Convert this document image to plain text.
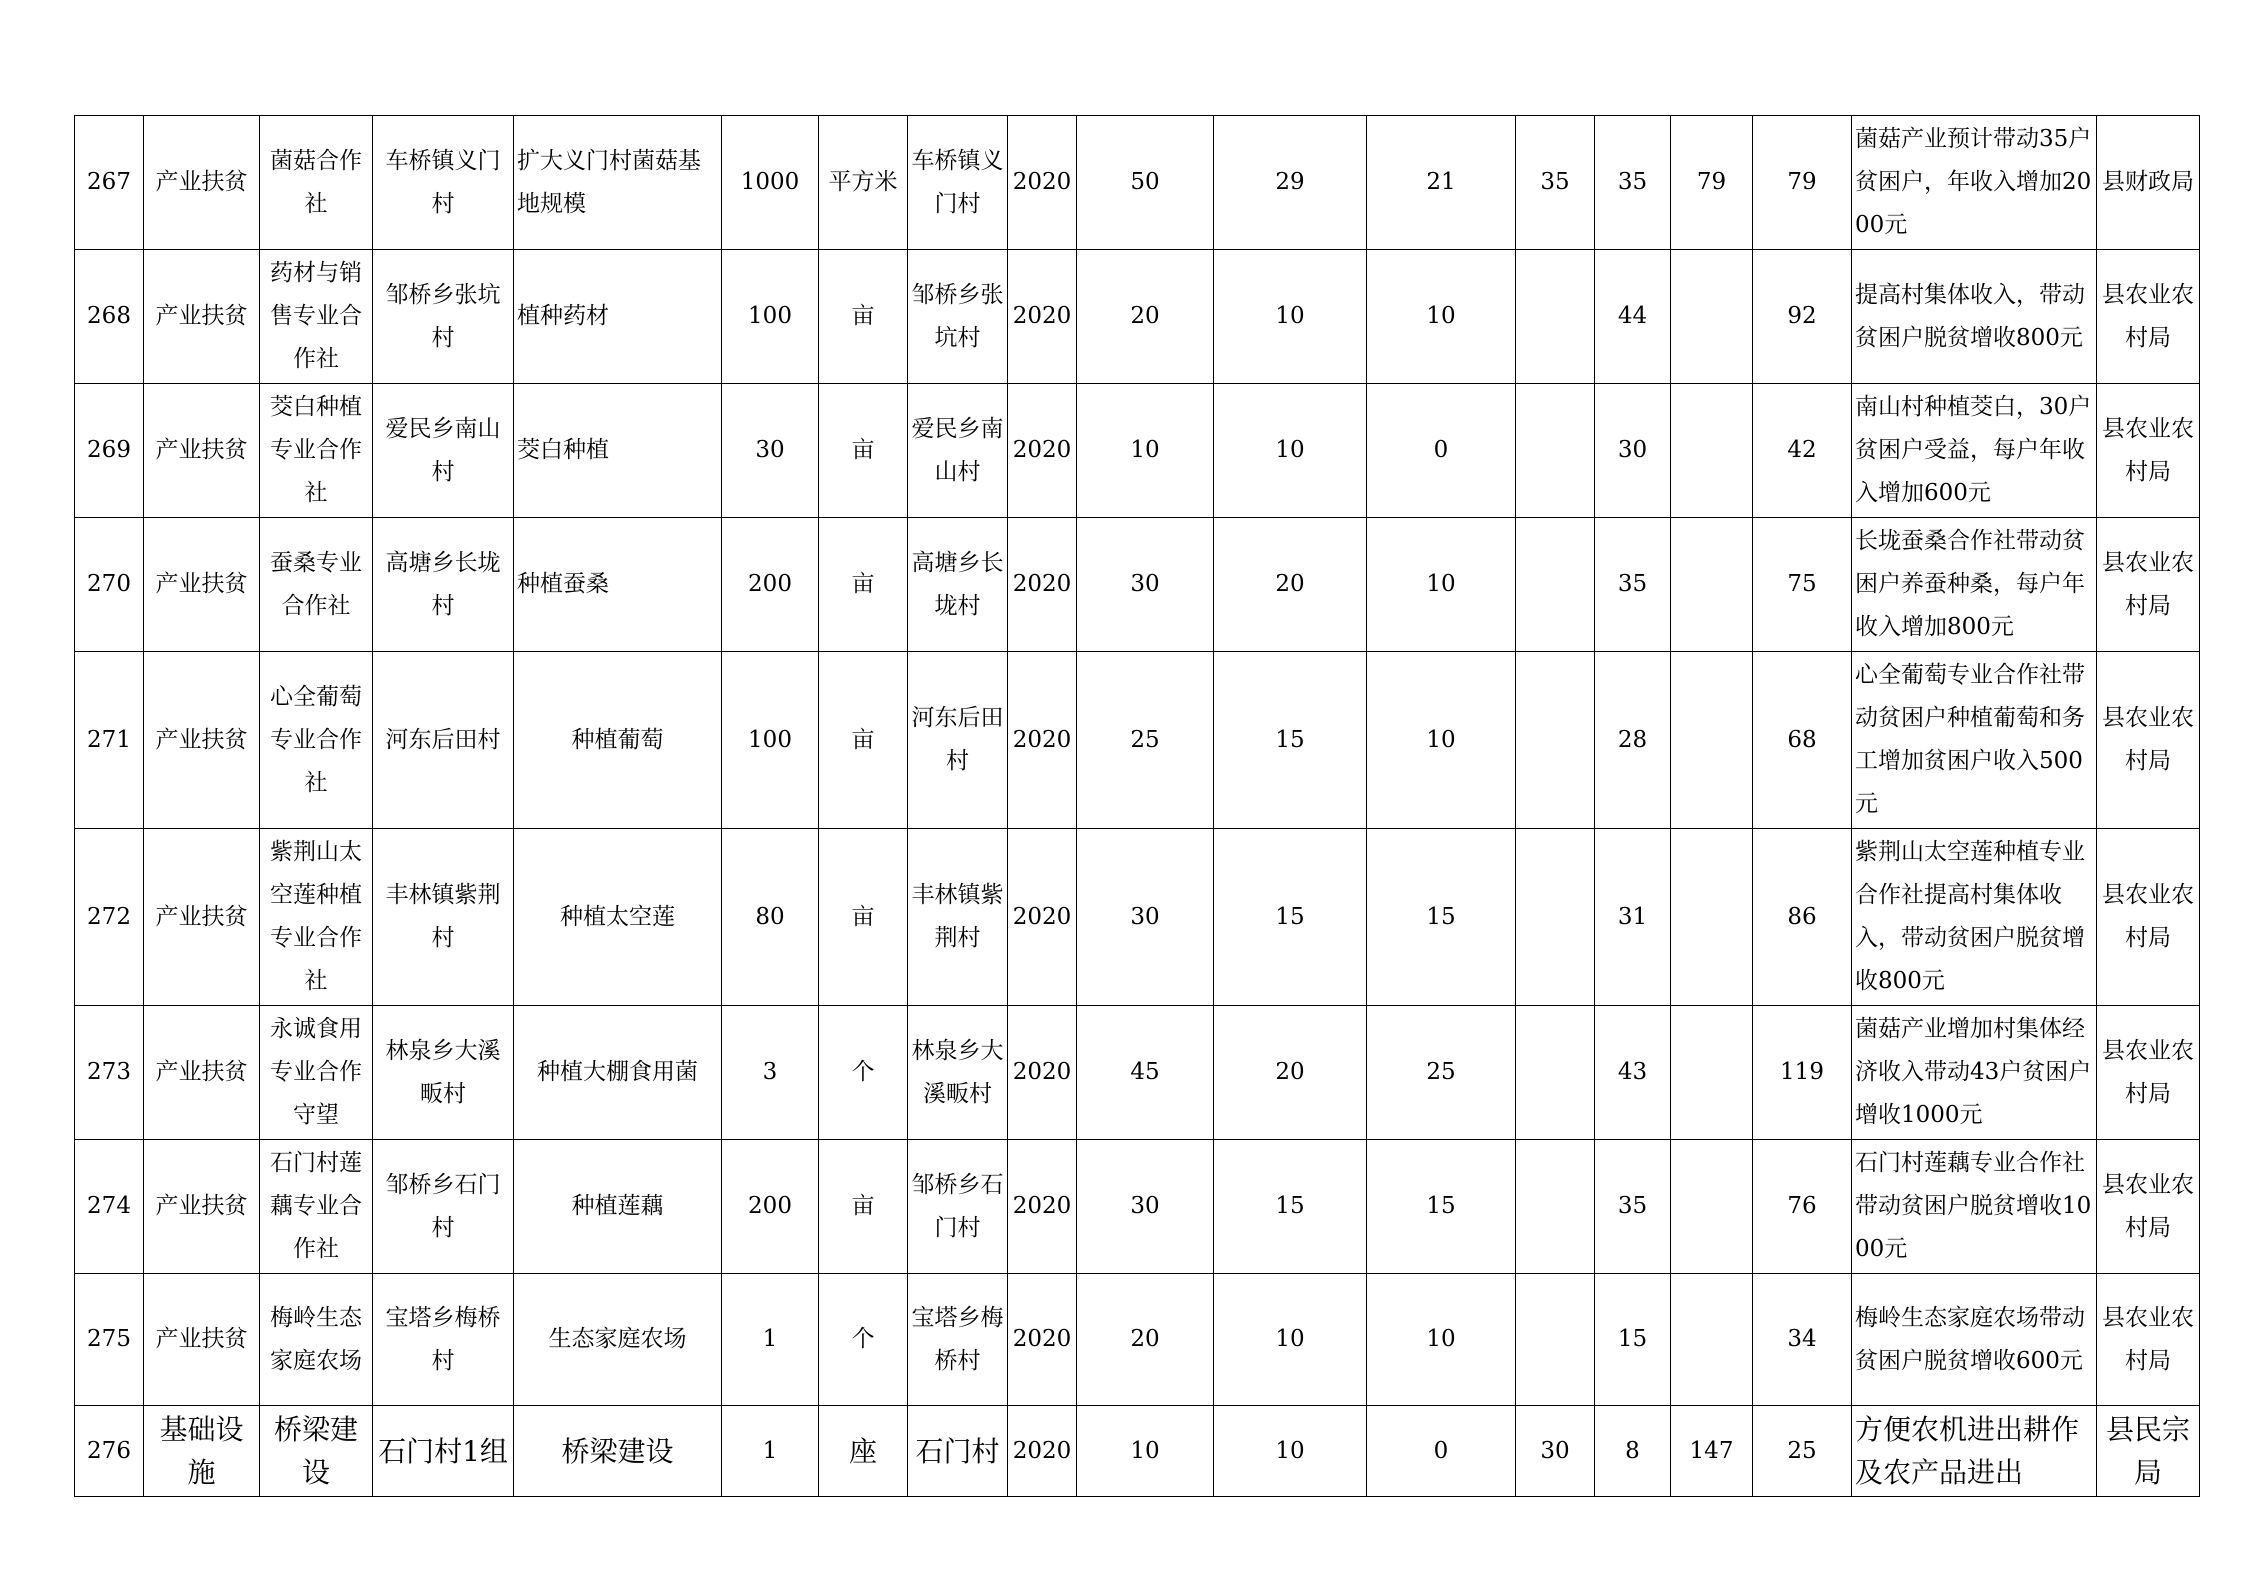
267	产业扶贫	菌菇合作社	车桥镇义门村	扩大义门村菌菇基地规模	1000	平方米	车桥镇义门村	2020	50	29	21	35	35	79	79	菌菇产业预计带动35户贫困户，年收入增加2000元	县财政局
268	产业扶贫	药材与销售专业合作社	邹桥乡张坑村	植种药材	100	亩	邹桥乡张坑村	2020	20	10	10		44		92	提高村集体收入，带动贫困户脱贫增收800元	县农业农村局
269	产业扶贫	茭白种植专业合作社	爱民乡南山村	茭白种植	30	亩	爱民乡南山村	2020	10	10	0		30		42	南山村种植茭白，30户贫困户受益，每户年收入增加600元	县农业农村局
270	产业扶贫	蚕桑专业合作社	高塘乡长垅村	种植蚕桑	200	亩	高塘乡长垅村	2020	30	20	10		35		75	长垅蚕桑合作社带动贫困户养蚕种桑，每户年收入增加800元	县农业农村局
271	产业扶贫	心全葡萄专业合作社	河东后田村	种植葡萄	100	亩	河东后田村	2020	25	15	10		28		68	心全葡萄专业合作社带动贫困户种植葡萄和务工增加贫困户收入500元	县农业农村局
272	产业扶贫	紫荆山太空莲种植专业合作社	丰林镇紫荆村	种植太空莲	80	亩	丰林镇紫荆村	2020	30	15	15		31		86	紫荆山太空莲种植专业合作社提高村集体收入，带动贫困户脱贫增收800元	县农业农村局
273	产业扶贫	永诚食用专业合作守望	林泉乡大溪畈村	种植大棚食用菌	3	个	林泉乡大溪畈村	2020	45	20	25		43		119	菌菇产业增加村集体经济收入带动43户贫困户增收1000元	县农业农村局
274	产业扶贫	石门村莲藕专业合作社	邹桥乡石门村	种植莲藕	200	亩	邹桥乡石门村	2020	30	15	15		35		76	石门村莲藕专业合作社带动贫困户脱贫增收1000元	县农业农村局
275	产业扶贫	梅岭生态家庭农场	宝塔乡梅桥村	生态家庭农场	1	个	宝塔乡梅桥村	2020	20	10	10		15		34	梅岭生态家庭农场带动贫困户脱贫增收600元	县农业农村局
276	基础设施	桥梁建设	石门村1组	桥梁建设	1	座	石门村	2020	10	10	0	30	8	147	25	方便农机进出耕作及农产品进出	县民宗局
